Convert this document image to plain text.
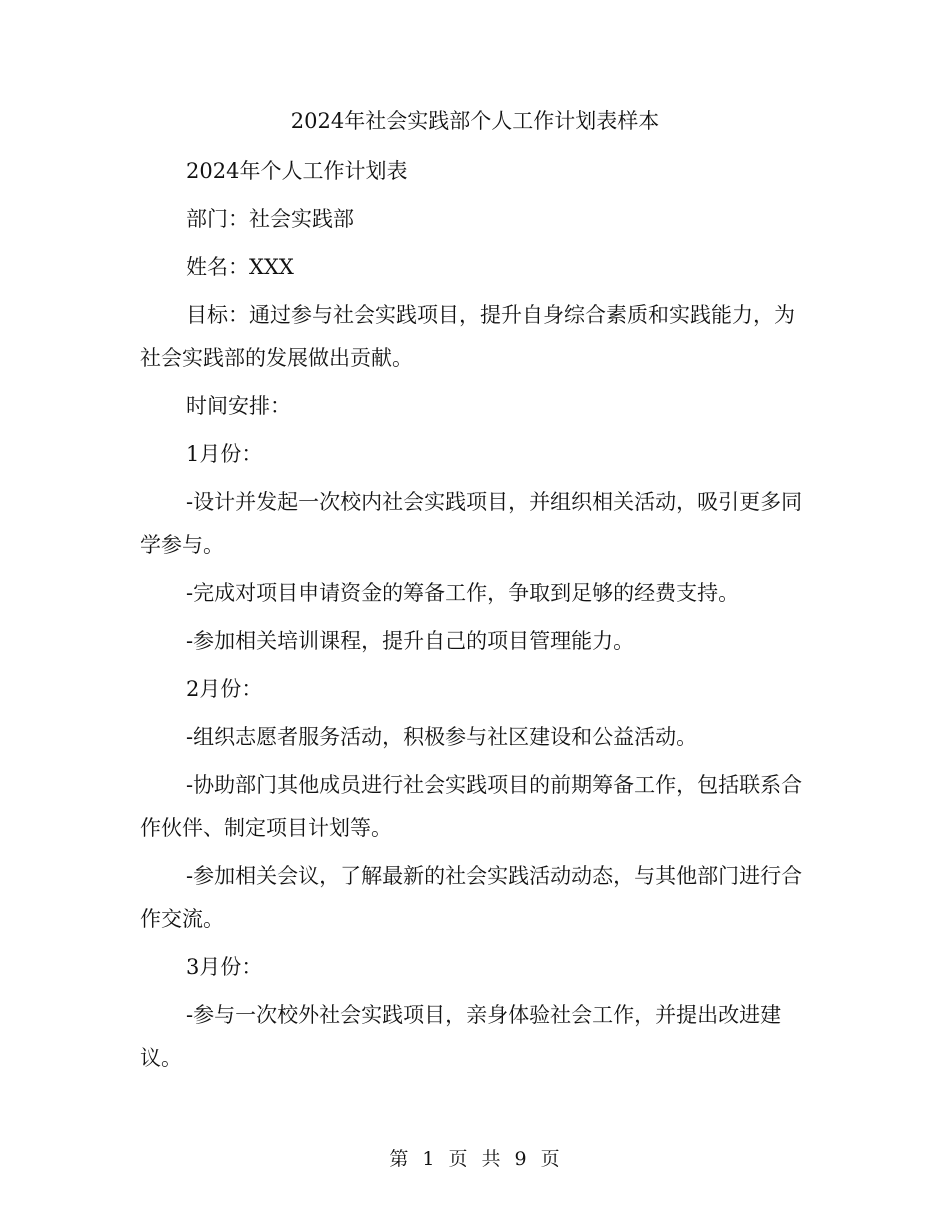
2024年社会实践部个人工作计划表样本

2024年个人工作计划表

部门：社会实践部

姓名：XXX

目标：通过参与社会实践项目，提升自身综合素质和实践能力，为社会实践部的发展做出贡献。

时间安排：

1月份：

-设计并发起一次校内社会实践项目，并组织相关活动，吸引更多同学参与。

-完成对项目申请资金的筹备工作，争取到足够的经费支持。

-参加相关培训课程，提升自己的项目管理能力。

2月份：

-组织志愿者服务活动，积极参与社区建设和公益活动。

-协助部门其他成员进行社会实践项目的前期筹备工作，包括联系合作伙伴、制定项目计划等。

-参加相关会议，了解最新的社会实践活动动态，与其他部门进行合作交流。

3月份：

-参与一次校外社会实践项目，亲身体验社会工作，并提出改进建议。

第 1 页 共 9 页
